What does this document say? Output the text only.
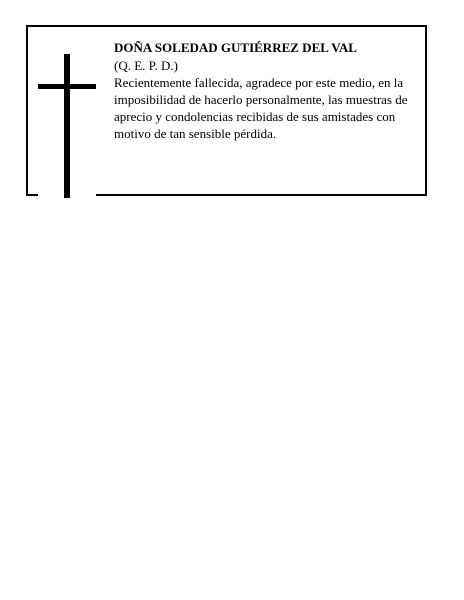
DOÑA SOLEDAD GUTIÉRREZ DEL VAL

(Q. E. P. D.)

Recientemente fallecida, agradece por este medio, en la imposibilidad de hacerlo personalmente, las muestras de aprecio y condolencias recibidas de sus amistades con motivo de tan sensible pérdida.
